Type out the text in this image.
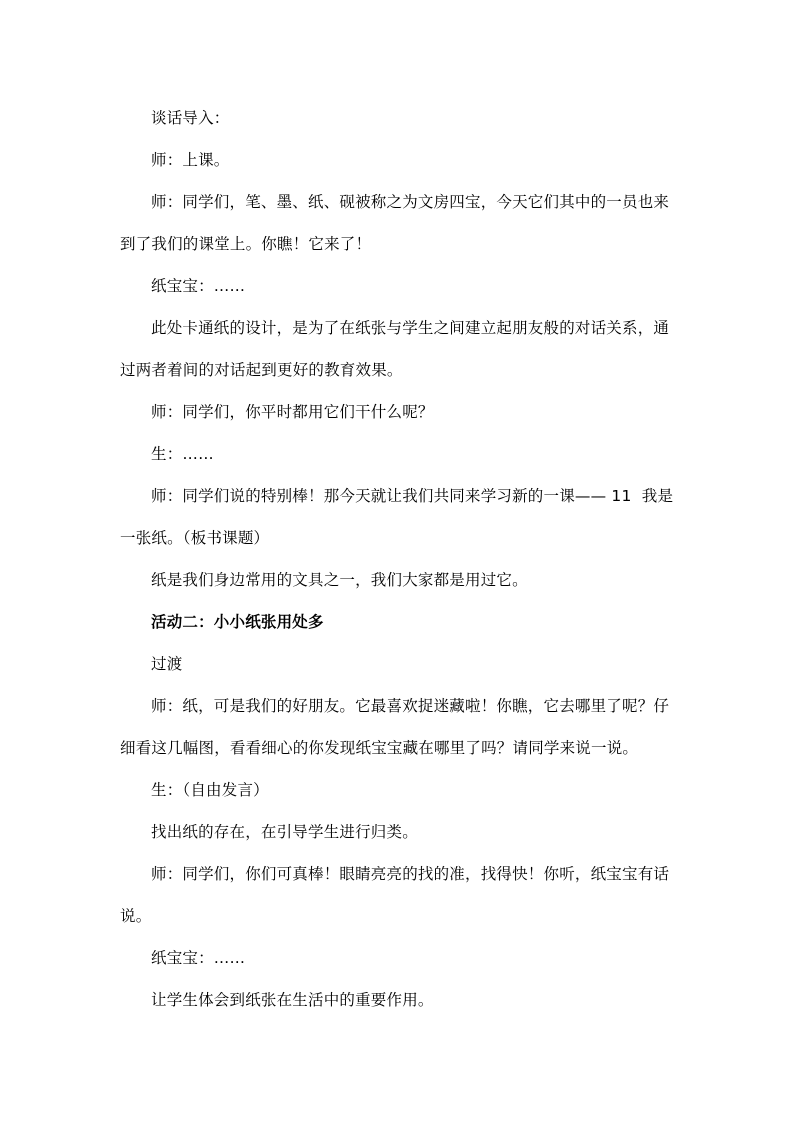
谈话导入：
师：上课。
师：同学们，笔、墨、纸、砚被称之为文房四宝，今天它们其中的一员也来到了我们的课堂上。你瞧！它来了！
纸宝宝：……
此处卡通纸的设计，是为了在纸张与学生之间建立起朋友般的对话关系，通过两者着间的对话起到更好的教育效果。
师：同学们，你平时都用它们干什么呢？
生：……
师：同学们说的特别棒！那今天就让我们共同来学习新的一课—— 11  我是一张纸。（板书课题）
纸是我们身边常用的文具之一，我们大家都是用过它。
活动二：小小纸张用处多
过渡
师：纸，可是我们的好朋友。它最喜欢捉迷藏啦！你瞧，它去哪里了呢？仔细看这几幅图，看看细心的你发现纸宝宝藏在哪里了吗？请同学来说一说。
生：（自由发言）
找出纸的存在，在引导学生进行归类。
师：同学们，你们可真棒！眼睛亮亮的找的准，找得快！你听，纸宝宝有话说。
纸宝宝：……
让学生体会到纸张在生活中的重要作用。
